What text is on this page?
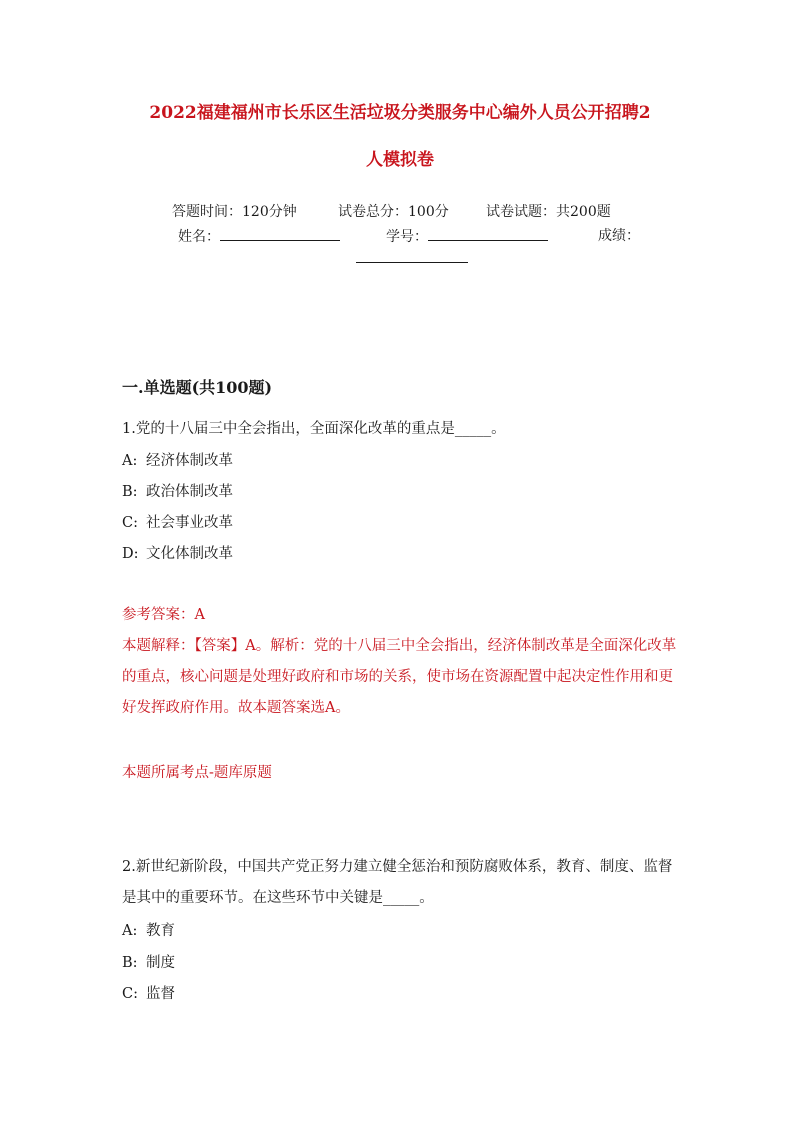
2022福建福州市长乐区生活垃圾分类服务中心编外人员公开招聘2
人模拟卷
答题时间：120分钟	试卷总分：100分	试卷试题：共200题
姓名：	学号：	成绩：
一.单选题(共100题)
1.党的十八届三中全会指出，全面深化改革的重点是_____。
A: 经济体制改革
B: 政治体制改革
C: 社会事业改革
D: 文化体制改革
参考答案：A
本题解释：【答案】A。解析：党的十八届三中全会指出，经济体制改革是全面深化改革的重点，核心问题是处理好政府和市场的关系，使市场在资源配置中起决定性作用和更好发挥政府作用。故本题答案选A。
本题所属考点-题库原题
2.新世纪新阶段，中国共产党正努力建立健全惩治和预防腐败体系，教育、制度、监督是其中的重要环节。在这些环节中关键是_____。
A: 教育
B: 制度
C: 监督
